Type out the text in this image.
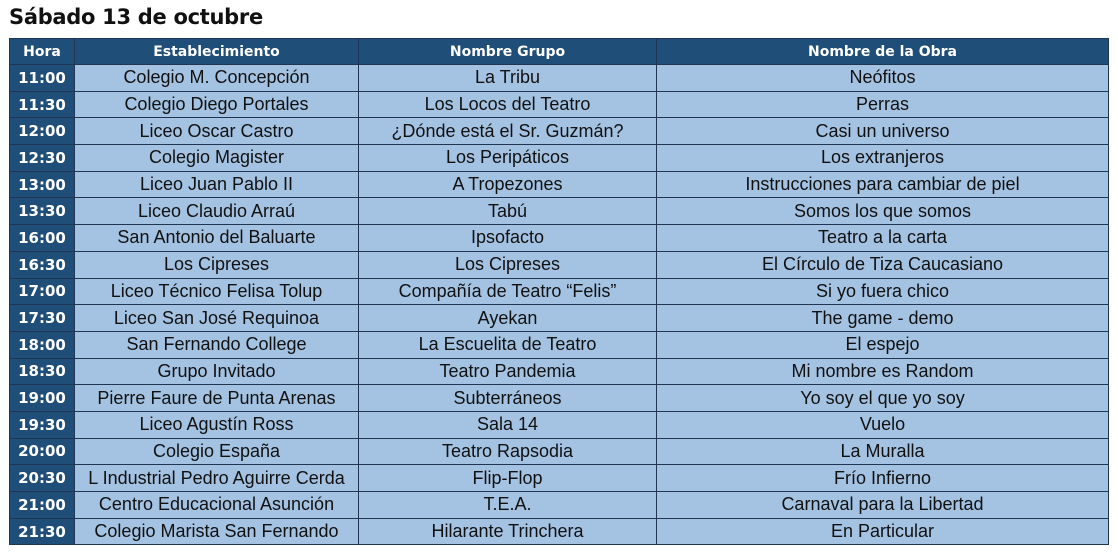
Sábado 13 de octubre
Hora	Establecimiento	Nombre Grupo	Nombre de la Obra
11:00	Colegio M. Concepción	La Tribu	Neófitos
11:30	Colegio Diego Portales	Los Locos del Teatro	Perras
12:00	Liceo Oscar Castro	¿Dónde está el Sr. Guzmán?	Casi un universo
12:30	Colegio Magister	Los Peripáticos	Los extranjeros
13:00	Liceo Juan Pablo II	A Tropezones	Instrucciones para cambiar de piel
13:30	Liceo Claudio Arraú	Tabú	Somos los que somos
16:00	San Antonio del Baluarte	Ipsofacto	Teatro a la carta
16:30	Los Cipreses	Los Cipreses	El Círculo de Tiza Caucasiano
17:00	Liceo Técnico Felisa Tolup	Compañía de Teatro “Felis”	Si yo fuera chico
17:30	Liceo San José Requinoa	Ayekan	The game - demo
18:00	San Fernando College	La Escuelita de Teatro	El espejo
18:30	Grupo Invitado	Teatro Pandemia	Mi nombre es Random
19:00	Pierre Faure de Punta Arenas	Subterráneos	Yo soy el que yo soy
19:30	Liceo Agustín Ross	Sala 14	Vuelo
20:00	Colegio España	Teatro Rapsodia	La Muralla
20:30	L Industrial Pedro Aguirre Cerda	Flip-Flop	Frío Infierno
21:00	Centro Educacional Asunción	T.E.A.	Carnaval para la Libertad
21:30	Colegio Marista San Fernando	Hilarante Trinchera	En Particular
